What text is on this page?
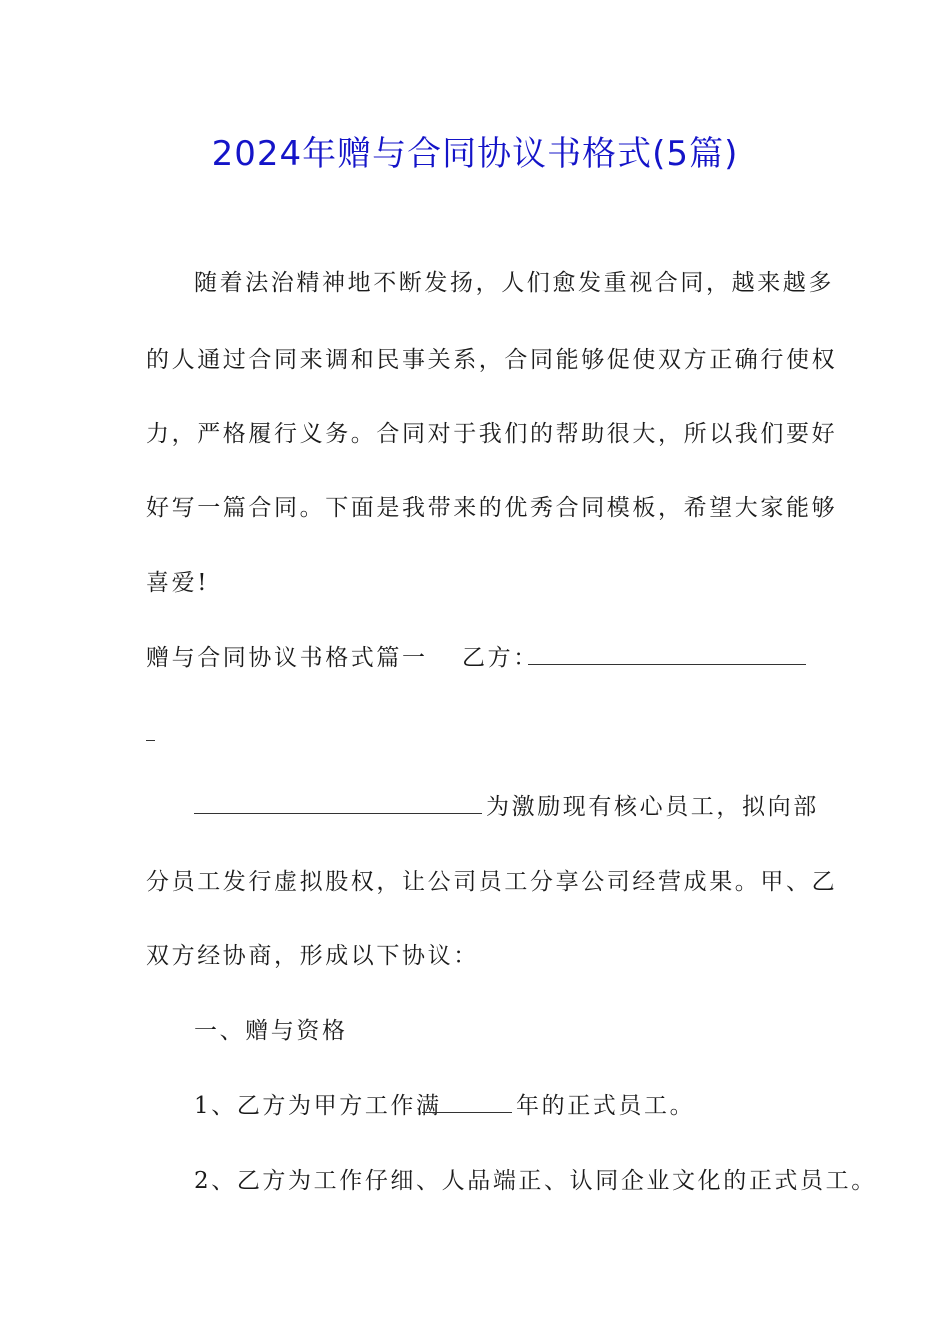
2024年赠与合同协议书格式(5篇)
随着法治精神地不断发扬，人们愈发重视合同，越来越多
的人通过合同来调和民事关系，合同能够促使双方正确行使权
力，严格履行义务。合同对于我们的帮助很大，所以我们要好
好写一篇合同。下面是我带来的优秀合同模板，希望大家能够
喜爱!
赠与合同协议书格式篇一 乙方：
为激励现有核心员工，拟向部
分员工发行虚拟股权，让公司员工分享公司经营成果。甲、乙
双方经协商，形成以下协议：
一、赠与资格
1、乙方为甲方工作满	年的正式员工。
2、乙方为工作仔细、人品端正、认同企业文化的正式员工。
